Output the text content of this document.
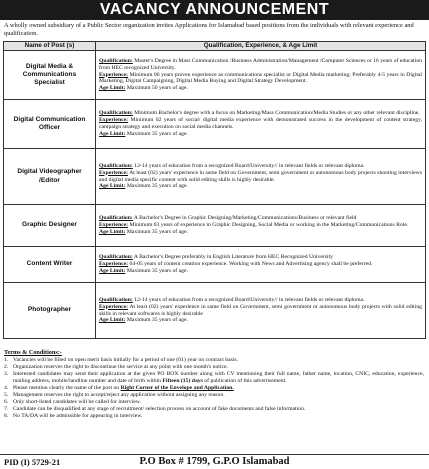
VACANCY ANNOUNCEMENT

A wholly owned subsidiary of a Public Sector organization invites Applications for Islamabad based positions from the individuals with relevant experience and qualification.

Name of Post (s)	Qualification, Experience, & Age Limit
Digital Media & Communications Specialist	Qualification: Master's Degree in Mass Communication /Business Administration/Management /Computer Sciences or 16 years of education from HEC recognized University.
Experience: Minimum 06 years proven experience as communications specialist or Digital Media marketing; Preferably 4-5 years in Digital Marketing, Digital Campaigning, Digital Media Buying and Digital Strategy Development.
Age Limit: Maximum 50 years of age.
Digital Communication Officer	Qualification: Minimum Bachelor's degree with a focus on Marketing/Mass Communication/Media Studies or any other relevant discipline,
Experience: Minimum 02 years of social/ digital media experience with demonstrated success in the development of content strategy, campaign strategy and execution on social media channels.
Age Limit: Maximum 35 years of age.
Digital Videographer /Editor	Qualification: 12-14 years of education from a recognized Board/University// in relevant fields or relevant diploma.
Experience: At least (02) years' experience in same field on Government, semi government or autonomous body projects shooting interviews and digital media specific content with solid editing skills is highly desirable.
Age Limit: Maximum 35 years of age.
Graphic Designer	Qualification: A Bachelor's Degree in Graphic Designing/Marketing/Communications/Business or relevant field
Experience: Minimum 03 years of experience in Graphic Designing, Social Media or working in the Marketing/Communications Role.
Age Limit: Maximum 35 years of age.
Content Writer	Qualification: A Bachelor's Degree preferably in English Literature from HEC Recognized University
Experience: 04-05 years of content creation experience. Working with News and Advertising agency shall be preferred.
Age Limit: Maximum 35 years of age.
Photographer	Qualification: 12-14 years of education from a recognized Board/University// in relevant fields or relevant diploma.
Experience: At least (02) years' experience in same field on Government, semi government or autonomous body projects with solid editing skills in relevant softwares is highly desirable
Age Limit: Maximum 35 years of age.
Terms & Conditions:-
1. Vacancies will be filled on open merit basis initially for a period of one (01) year on contract basis.
2. Organization reserves the right to discontinue the service at any point with one month's notice.
3. Interested candidates may send their application at the given PO BOX number along with CV mentioning their full name, father name, location, CNIC, education, experience, mailing address, mobile/landline number and date of birth within Fifteen (15) days of publication of this advertisement.
4. Please mention clearly the name of the post on Right Corner of the Envelope and Application.
5. Management reserves the right to accept/reject any application without assigning any reason.
6. Only short-listed candidates will be called for interview.
7. Candidate can be disqualified at any stage of recruitment/ selection process on account of fake documents and false information.
8. No TA/DA will be admissible for appearing in interview.
PID (I) 5729-21	P.O Box # 1799, G.P.O Islamabad
